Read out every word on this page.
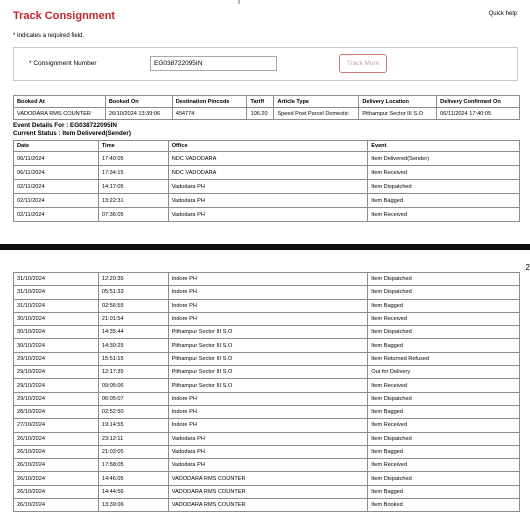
Track Consignment	Quick help
* Indicates a required field.
* Consignment Number
EG038722095IN	Track More
Booked At	Booked On	Destination Pincode	Tariff	Article Type	Delivery Location	Delivery Confirmed On
VADODARA RMS COUNTER	26/10/2024 13:39:06	454774	106.20	Speed Post Parcel Domestic	Pithampur Sector III S.O	06/11/2024 17:40:05
Event Details For : EG038722095IN
Current Status : Item Delivered(Sender)
Date	Time	Office	Event
06/11/2024	17:40:05	NDC VADODARA	Item Delivered(Sender)
06/11/2024	17:34:15	NDC VADODARA	Item Received
02/11/2024	14:17:05	Vadodara PH	Item Dispatched
02/11/2024	13:22:31	Vadodara PH	Item Bagged
02/11/2024	07:36:05	Vadodara PH	Item Received
2
31/10/2024	12:20:35	Indore PH	Item Dispatched
31/10/2024	05:51:33	Indore PH	Item Dispatched
31/10/2024	02:56:55	Indore PH	Item Bagged
30/10/2024	21:01:54	Indore PH	Item Received
30/10/2024	14:35:44	Pithampur Sector III S.O	Item Dispatched
30/10/2024	14:30:25	Pithampur Sector III S.O	Item Bagged
29/10/2024	15:51:15	Pithampur Sector III S.O	Item Returned Refused
29/10/2024	12:17:35	Pithampur Sector III S.O	Out for Delivery
29/10/2024	09:05:06	Pithampur Sector III S.O	Item Received
29/10/2024	06:05:07	Indore PH	Item Dispatched
28/10/2024	02:52:50	Indore PH	Item Bagged
27/10/2024	19:14:55	Indore PH	Item Received
26/10/2024	23:12:11	Vadodara PH	Item Dispatched
26/10/2024	21:03:05	Vadodara PH	Item Bagged
26/10/2024	17:58:05	Vadodara PH	Item Received
26/10/2024	14:46:05	VADODARA RMS COUNTER	Item Dispatched
26/10/2024	14:44:56	VADODARA RMS COUNTER	Item Bagged
26/10/2024	13:39:06	VADODARA RMS COUNTER	Item Booked
